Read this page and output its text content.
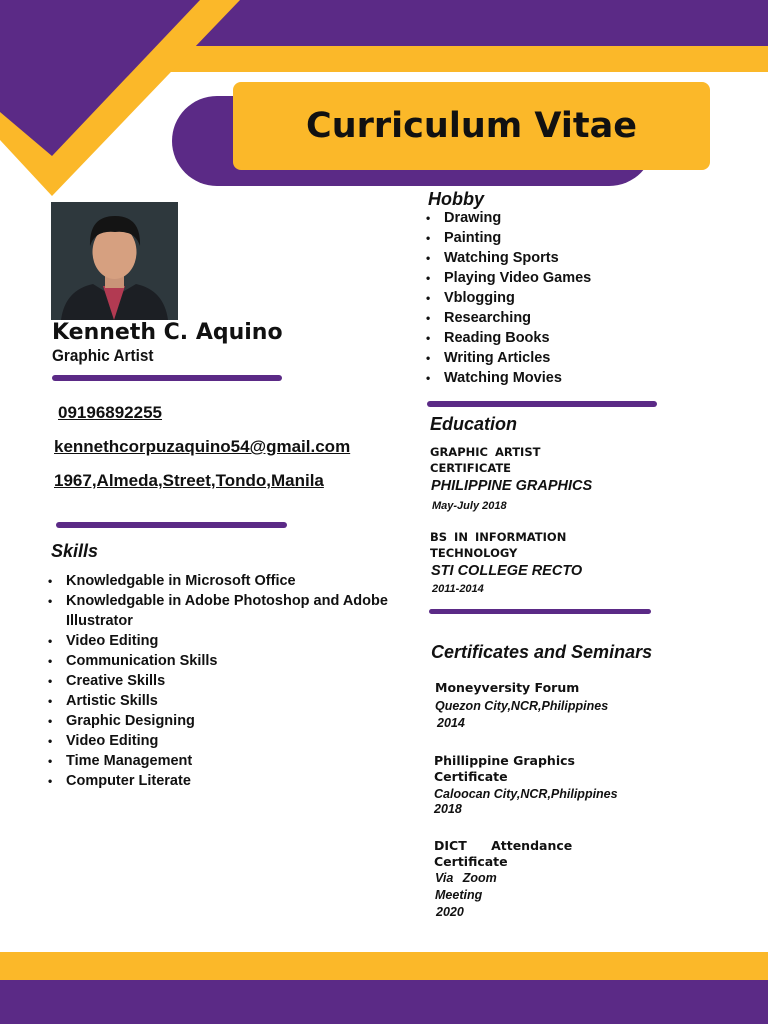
Curriculum Vitae
Kenneth C. Aquino
Graphic Artist
09196892255
kennethcorpuzaquino54@gmail.com
1967,Almeda,Street,Tondo,Manila
Skills
• Knowledgable in Microsoft Office
• Knowledgable in Adobe Photoshop and Adobe Illustrator
• Video Editing
• Communication Skills
• Creative Skills
• Artistic Skills
• Graphic Designing
• Video Editing
• Time Management
• Computer Literate
Hobby
• Drawing
• Painting
• Watching Sports
• Playing Video Games
• Vblogging
• Researching
• Reading Books
• Writing Articles
• Watching Movies
Education
GRAPHIC ARTIST CERTIFICATE
PHILIPPINE GRAPHICS
May-July 2018
BS IN INFORMATION TECHNOLOGY
STI COLLEGE RECTO
2011-2014
Certificates and Seminars
Moneyversity Forum
Quezon City,NCR,Philippines
2014
Phillippine Graphics Certificate
Caloocan City,NCR,Philippines
2018
DICT Attendance Certificate
Via Zoom Meeting
2020
